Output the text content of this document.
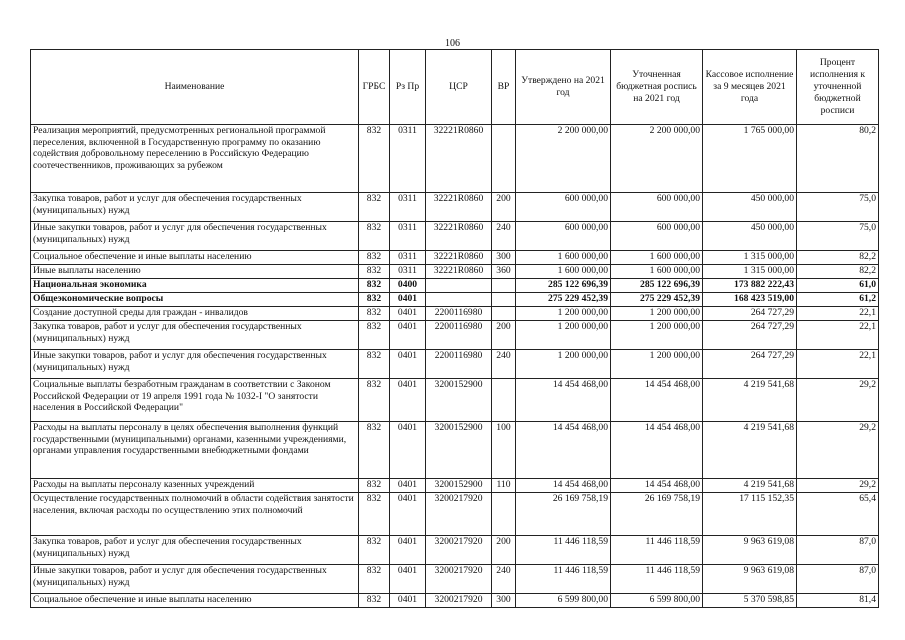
106
Наименование	ГРБС	Рз Пр	ЦСР	ВР	Утверждено на 2021 год	Уточненная бюджетная роспись на 2021 год	Кассовое исполнение за 9 месяцев 2021 года	Процент исполнения к уточненной бюджетной росписи
Реализация мероприятий, предусмотренных региональной программой переселения, включенной в Государственную программу по оказанию содействия добровольному переселению в Российскую Федерацию соотечественников, проживающих за рубежом	832	0311	32221R0860		2 200 000,00	2 200 000,00	1 765 000,00	80,2
Закупка товаров, работ и услуг для обеспечения государственных (муниципальных) нужд	832	0311	32221R0860	200	600 000,00	600 000,00	450 000,00	75,0
Иные закупки товаров, работ и услуг для обеспечения государственных (муниципальных) нужд	832	0311	32221R0860	240	600 000,00	600 000,00	450 000,00	75,0
Социальное обеспечение и иные выплаты населению	832	0311	32221R0860	300	1 600 000,00	1 600 000,00	1 315 000,00	82,2
Иные выплаты населению	832	0311	32221R0860	360	1 600 000,00	1 600 000,00	1 315 000,00	82,2
Национальная экономика	832	0400			285 122 696,39	285 122 696,39	173 882 222,43	61,0
Общеэкономические вопросы	832	0401			275 229 452,39	275 229 452,39	168 423 519,00	61,2
Создание доступной среды для граждан - инвалидов	832	0401	2200116980		1 200 000,00	1 200 000,00	264 727,29	22,1
Закупка товаров, работ и услуг для обеспечения государственных (муниципальных) нужд	832	0401	2200116980	200	1 200 000,00	1 200 000,00	264 727,29	22,1
Иные закупки товаров, работ и услуг для обеспечения государственных (муниципальных) нужд	832	0401	2200116980	240	1 200 000,00	1 200 000,00	264 727,29	22,1
Социальные выплаты безработным гражданам в соответствии с Законом Российской Федерации от 19 апреля 1991 года № 1032-I "О занятости населения в Российской Федерации"	832	0401	3200152900		14 454 468,00	14 454 468,00	4 219 541,68	29,2
Расходы на выплаты персоналу в целях обеспечения выполнения функций государственными (муниципальными) органами, казенными учреждениями, органами управления государственными внебюджетными фондами	832	0401	3200152900	100	14 454 468,00	14 454 468,00	4 219 541,68	29,2
Расходы на выплаты персоналу казенных учреждений	832	0401	3200152900	110	14 454 468,00	14 454 468,00	4 219 541,68	29,2
Осуществление государственных полномочий в области содействия занятости населения, включая расходы по осуществлению этих полномочий	832	0401	3200217920		26 169 758,19	26 169 758,19	17 115 152,35	65,4
Закупка товаров, работ и услуг для обеспечения государственных (муниципальных) нужд	832	0401	3200217920	200	11 446 118,59	11 446 118,59	9 963 619,08	87,0
Иные закупки товаров, работ и услуг для обеспечения государственных (муниципальных) нужд	832	0401	3200217920	240	11 446 118,59	11 446 118,59	9 963 619,08	87,0
Социальное обеспечение и иные выплаты населению	832	0401	3200217920	300	6 599 800,00	6 599 800,00	5 370 598,85	81,4
